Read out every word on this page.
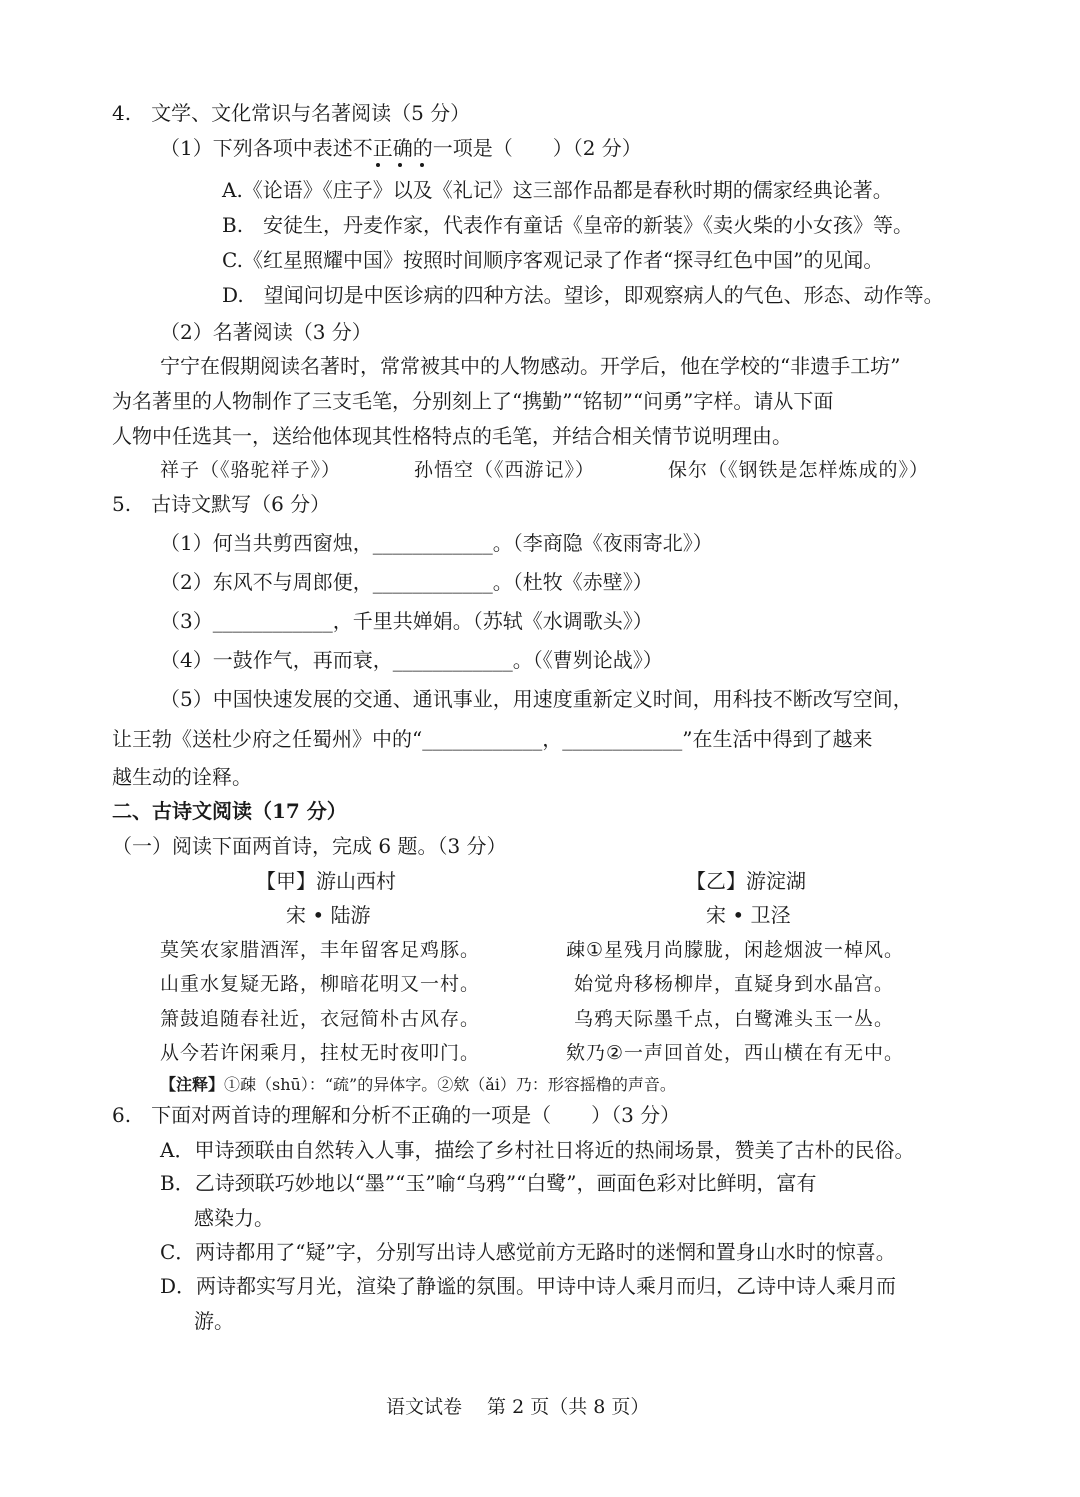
4.　文学、文化常识与名著阅读（5 分）
（1）下列各项中表述不正确的一项是（　　）（2 分）
A.《论语》《庄子》以及《礼记》这三部作品都是春秋时期的儒家经典论著。
B.　安徒生，丹麦作家，代表作有童话《皇帝的新装》《卖火柴的小女孩》等。
C.《红星照耀中国》按照时间顺序客观记录了作者“探寻红色中国”的见闻。
D.　望闻问切是中医诊病的四种方法。望诊，即观察病人的气色、形态、动作等。
（2）名著阅读（3 分）
宁宁在假期阅读名著时，常常被其中的人物感动。开学后，他在学校的“非遗手工坊”
为名著里的人物制作了三支毛笔，分别刻上了“携勤”“铭韧”“问勇”字样。请从下面
人物中任选其一，送给他体现其性格特点的毛笔，并结合相关情节说明理由。
祥子（《骆驼祥子》）	孙悟空（《西游记》）	保尔（《钢铁是怎样炼成的》）
5.　古诗文默写（6 分）
（1）何当共剪西窗烛，____________。（李商隐《夜雨寄北》）
（2）东风不与周郎便，____________。（杜牧《赤壁》）
（3）____________，千里共婵娟。（苏轼《水调歌头》）
（4）一鼓作气，再而衰，____________。（《曹刿论战》）
（5）中国快速发展的交通、通讯事业，用速度重新定义时间，用科技不断改写空间，
让王勃《送杜少府之任蜀州》中的“____________，____________”在生活中得到了越来
越生动的诠释。
二、古诗文阅读（17 分）
（一）阅读下面两首诗，完成 6 题。（3 分）
【甲】游山西村
宋 • 陆游
莫笑农家腊酒浑，丰年留客足鸡豚。
山重水复疑无路，柳暗花明又一村。
箫鼓追随春社近，衣冠简朴古风存。
从今若许闲乘月，拄杖无时夜叩门。
【乙】游淀湖
宋 • 卫泾
疎①星残月尚朦胧，闲趁烟波一棹风。
始觉舟移杨柳岸，直疑身到水晶宫。
乌鸦天际墨千点，白鹭滩头玉一丛。
欸乃②一声回首处，西山横在有无中。
【注释】①疎（shū）：“疏”的异体字。②欸（ǎi）乃：形容摇橹的声音。
6.　下面对两首诗的理解和分析不正确的一项是（　　）（3 分）
A．甲诗颈联由自然转入人事，描绘了乡村社日将近的热闹场景，赞美了古朴的民俗。
B．乙诗颈联巧妙地以“墨”“玉”喻“乌鸦”“白鹭”，画面色彩对比鲜明，富有
感染力。
C．两诗都用了“疑”字，分别写出诗人感觉前方无路时的迷惘和置身山水时的惊喜。
D．两诗都实写月光，渲染了静谧的氛围。甲诗中诗人乘月而归，乙诗中诗人乘月而
游。
语文试卷　 第 2 页（共 8 页）
